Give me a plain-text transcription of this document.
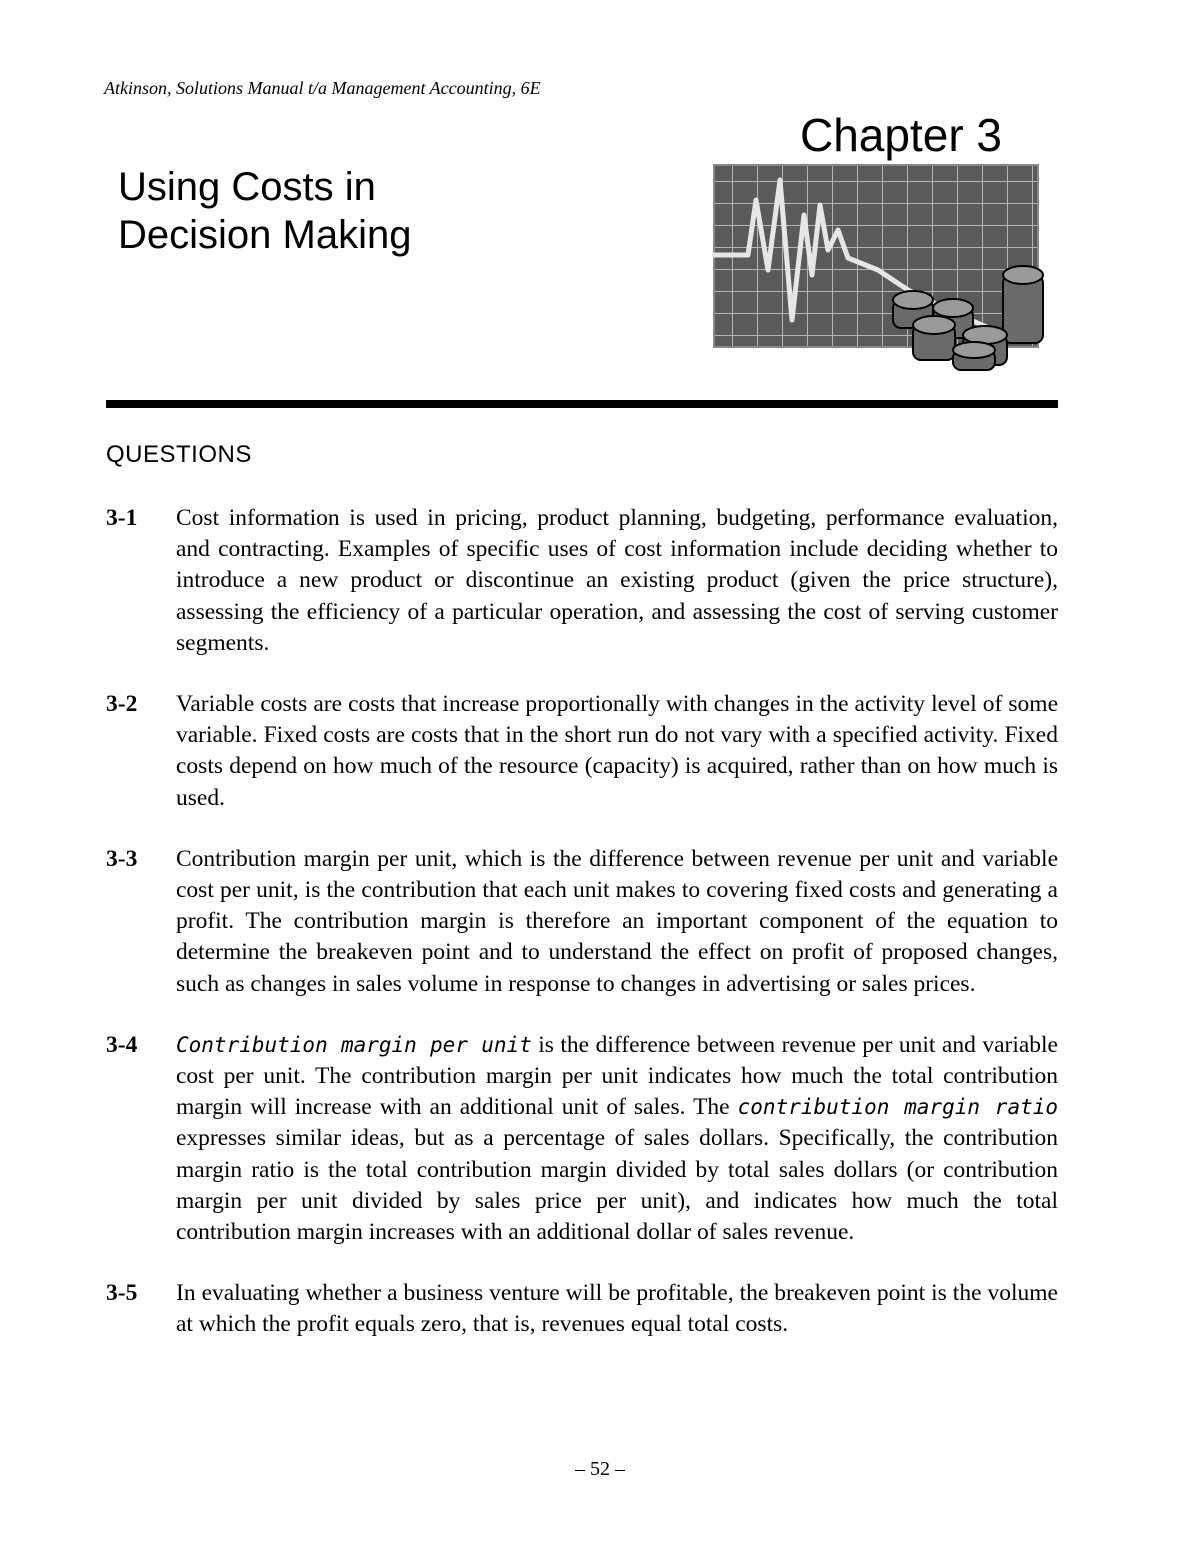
Atkinson, Solutions Manual t/a Management Accounting, 6E
Using Costs in
Decision Making
Chapter 3
QUESTIONS
3-1	Cost information is used in pricing, product planning, budgeting, performance evaluation, and contracting. Examples of specific uses of cost information include deciding whether to introduce a new product or discontinue an existing product (given the price structure), assessing the efficiency of a particular operation, and assessing the cost of serving customer segments.
3-2	Variable costs are costs that increase proportionally with changes in the activity level of some variable. Fixed costs are costs that in the short run do not vary with a specified activity. Fixed costs depend on how much of the resource (capacity) is acquired, rather than on how much is used.
3-3	Contribution margin per unit, which is the difference between revenue per unit and variable cost per unit, is the contribution that each unit makes to covering fixed costs and generating a profit. The contribution margin is therefore an important component of the equation to determine the breakeven point and to understand the effect on profit of proposed changes, such as changes in sales volume in response to changes in advertising or sales prices.
3-4	Contribution margin per unit is the difference between revenue per unit and variable cost per unit. The contribution margin per unit indicates how much the total contribution margin will increase with an additional unit of sales. The contribution margin ratio expresses similar ideas, but as a percentage of sales dollars. Specifically, the contribution margin ratio is the total contribution margin divided by total sales dollars (or contribution margin per unit divided by sales price per unit), and indicates how much the total contribution margin increases with an additional dollar of sales revenue.
3-5	In evaluating whether a business venture will be profitable, the breakeven point is the volume at which the profit equals zero, that is, revenues equal total costs.
– 52 –
